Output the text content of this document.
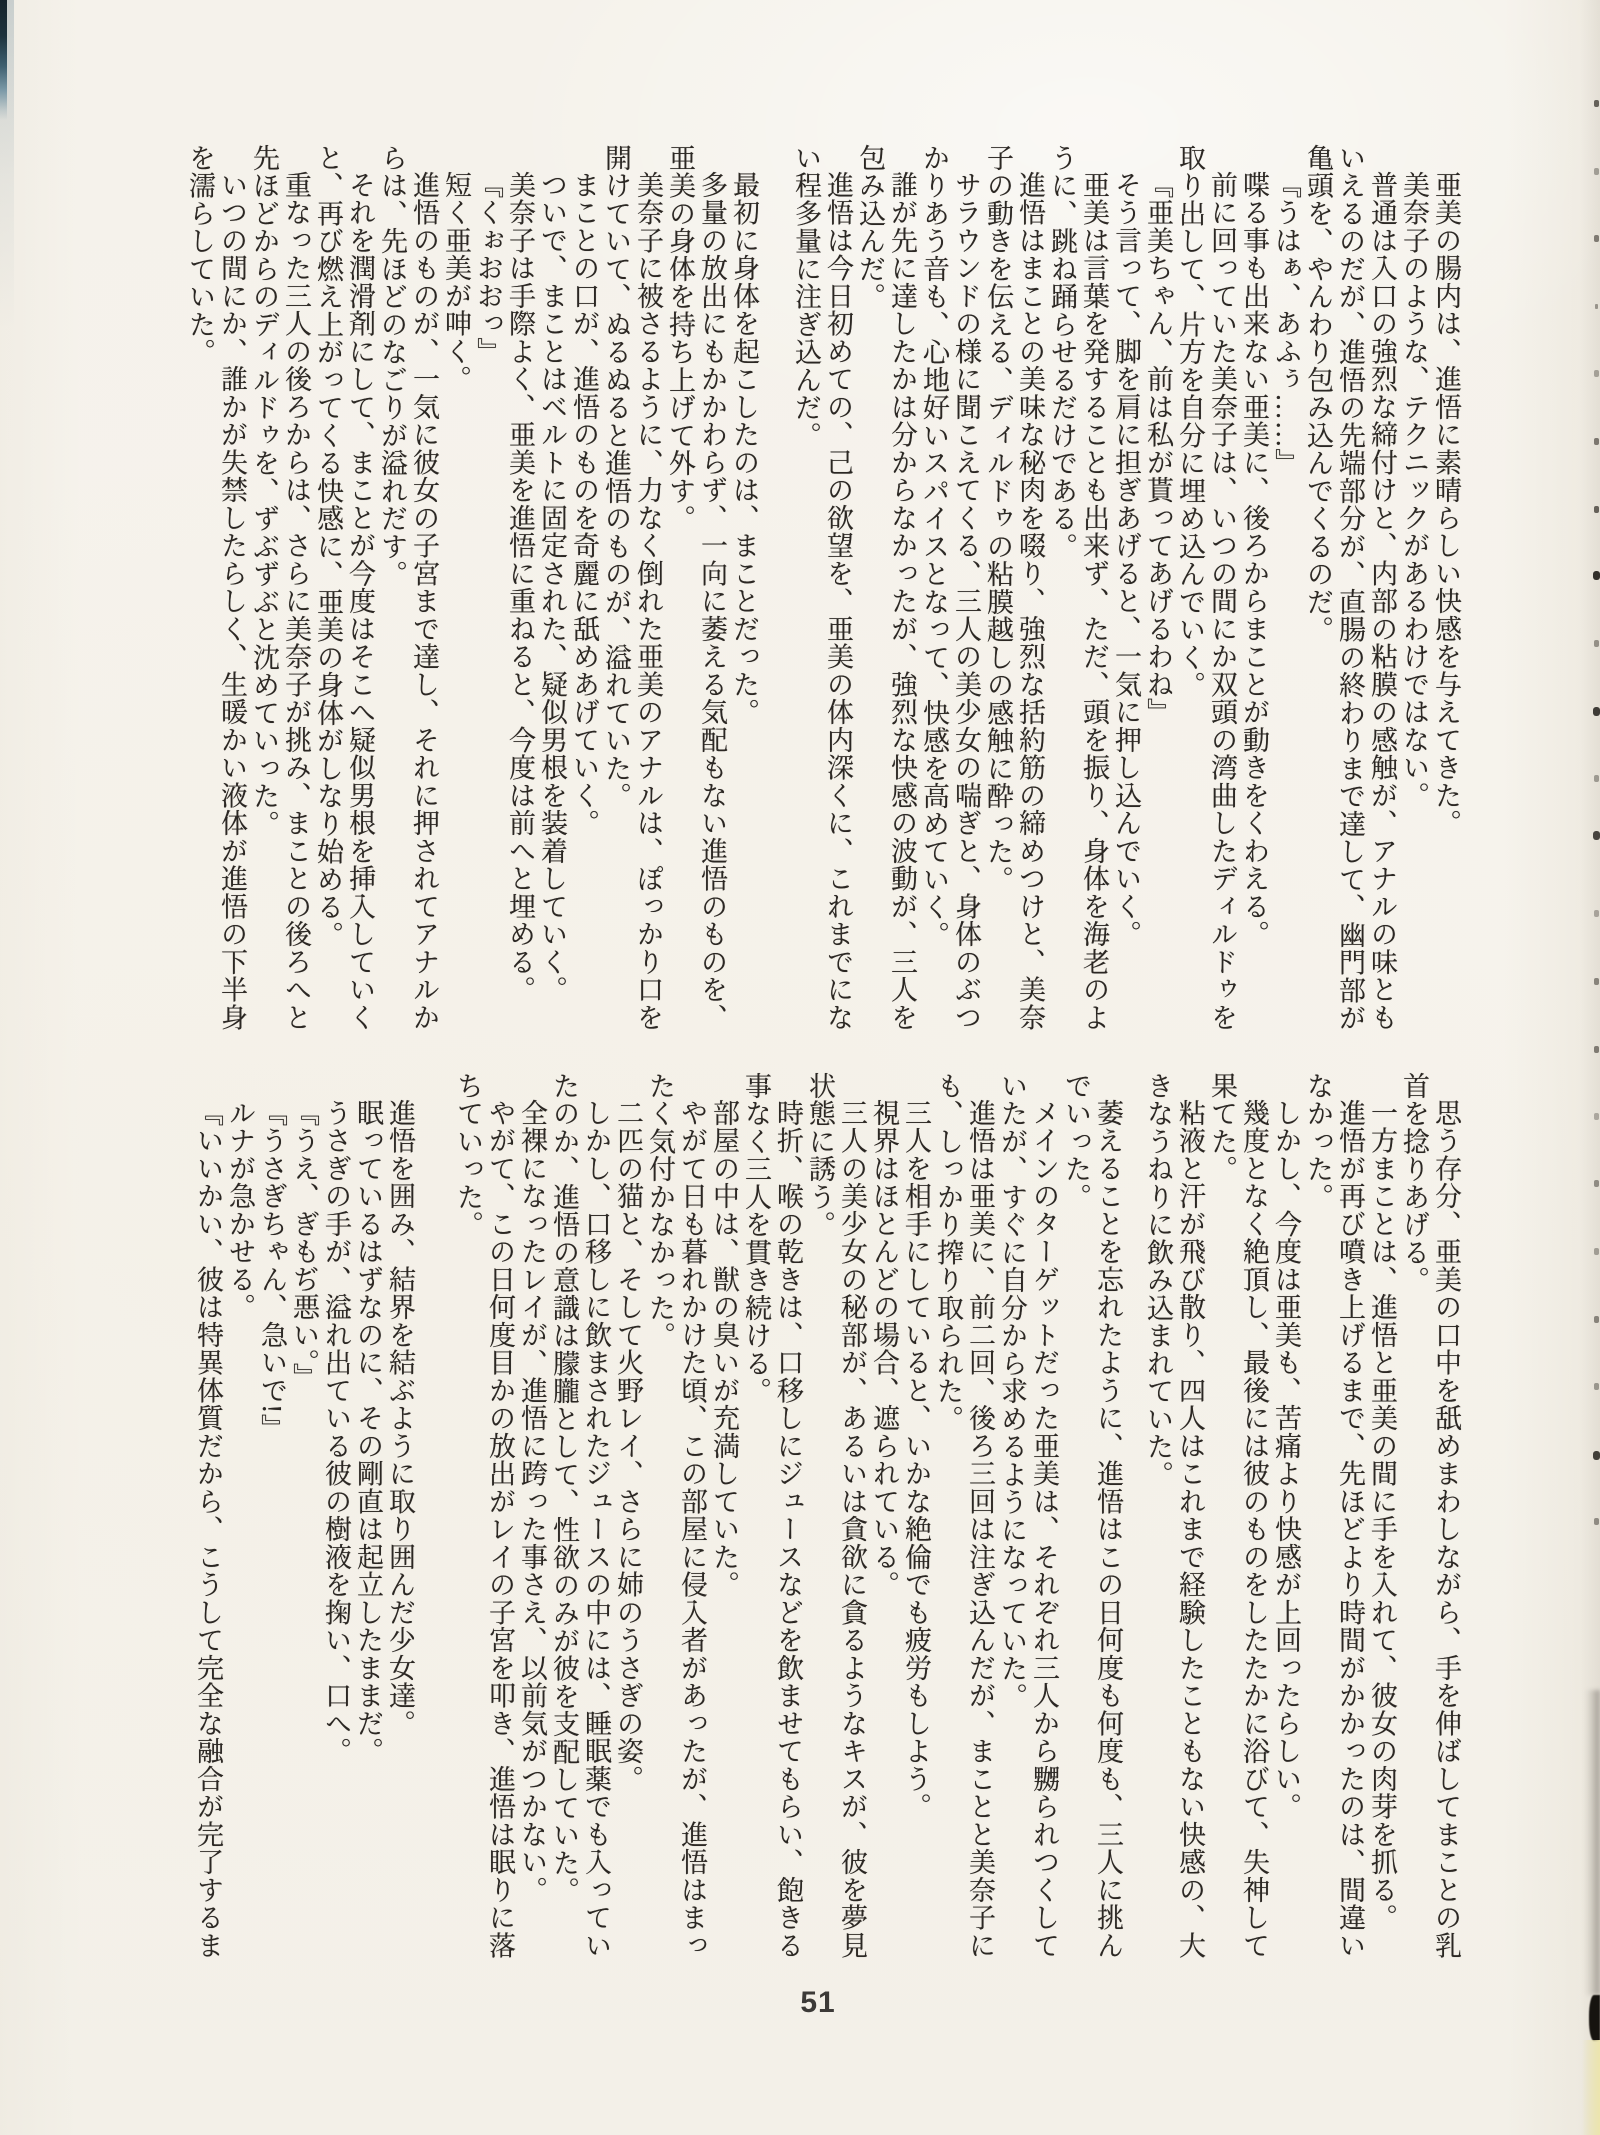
亜美の腸内は、進悟に素晴らしい快感を与えてきた。

美奈子のような、テクニックがあるわけではない。

普通は入口の強烈な締付けと、内部の粘膜の感触が、アナルの味ともいえるのだが、進悟の先端部分が、直腸の終わりまで達して、幽門部が亀頭を、やんわり包み込んでくるのだ。

『うはぁ、あふぅ……』

喋る事も出来ない亜美に、後ろからまことが動きをくわえる。

前に回っていた美奈子は、いつの間にか双頭の湾曲したディルドゥを取り出して、片方を自分に埋め込んでいく。

『亜美ちゃん、前は私が貰ってあげるわね』

そう言って、脚を肩に担ぎあげると、一気に押し込んでいく。

亜美は言葉を発することも出来ず、ただ、頭を振り、身体を海老のように、跳ね踊らせるだけである。

進悟はまことの美味な秘肉を啜り、強烈な括約筋の締めつけと、美奈子の動きを伝える、ディルドゥの粘膜越しの感触に酔った。

サラウンドの様に聞こえてくる、三人の美少女の喘ぎと、身体のぶつかりあう音も、心地好いスパイスとなって、快感を高めていく。

誰が先に達したかは分からなかったが、強烈な快感の波動が、三人を包み込んだ。

進悟は今日初めての、己の欲望を、亜美の体内深くに、これまでにない程多量に注ぎ込んだ。

最初に身体を起こしたのは、まことだった。

多量の放出にもかかわらず、一向に萎える気配もない進悟のものを、亜美の身体を持ち上げて外す。

美奈子に被さるように、力なく倒れた亜美のアナルは、ぽっかり口を開けていて、ぬるぬると進悟のものが、溢れていた。

まことの口が、進悟のものを奇麗に舐めあげていく。

ついで、まことはベルトに固定された、疑似男根を装着していく。

美奈子は手際よく、亜美を進悟に重ねると、今度は前へと埋める。

『くぉおおっ』

短く亜美が呻く。

進悟のものが、一気に彼女の子宮まで達し、それに押されてアナルからは、先ほどのなごりが溢れだす。

それを潤滑剤にして、まことが今度はそこへ疑似男根を挿入していくと、再び燃え上がってくる快感に、亜美の身体がしなり始める。

重なった三人の後ろからは、さらに美奈子が挑み、まことの後ろへと先ほどからのディルドゥを、ずぶずぶと沈めていった。

いつの間にか、誰かが失禁したらしく、生暖かい液体が進悟の下半身を濡らしていた。

思う存分、亜美の口中を舐めまわしながら、手を伸ばしてまことの乳首を捻りあげる。

一方まことは、進悟と亜美の間に手を入れて、彼女の肉芽を抓る。

進悟が再び噴き上げるまで、先ほどより時間がかかったのは、間違いなかった。

しかし、今度は亜美も、苦痛より快感が上回ったらしい。

幾度となく絶頂し、最後には彼のものをしたたかに浴びて、失神して果てた。

粘液と汗が飛び散り、四人はこれまで経験したこともない快感の、大きなうねりに飲み込まれていた。

萎えることを忘れたように、進悟はこの日何度も何度も、三人に挑んでいった。

メインのターゲットだった亜美は、それぞれ三人から嬲られつくしていたが、すぐに自分から求めるようになっていた。

進悟は亜美に、前二回、後ろ三回は注ぎ込んだが、まことと美奈子にも、しっかり搾り取られた。

三人を相手にしていると、いかな絶倫でも疲労もしよう。

視界はほとんどの場合、遮られている。

三人の美少女の秘部が、あるいは貪欲に貪るようなキスが、彼を夢見状態に誘う。

時折、喉の乾きは、口移しにジュースなどを飲ませてもらい、飽きる事なく三人を貫き続ける。

部屋の中は、獣の臭いが充満していた。

やがて日も暮れかけた頃、この部屋に侵入者があったが、進悟はまったく気付かなかった。

二匹の猫と、そして火野レイ、さらに姉のうさぎの姿。

しかし、口移しに飲まされたジュースの中には、睡眠薬でも入っていたのか、進悟の意識は朦朧として、性欲のみが彼を支配していた。

全裸になったレイが、進悟に跨った事さえ、以前気がつかない。

やがて、この日何度目かの放出がレイの子宮を叩き、進悟は眠りに落ちていった。

進悟を囲み、結界を結ぶように取り囲んだ少女達。

眠っているはずなのに、その剛直は起立したままだ。

うさぎの手が、溢れ出ている彼の樹液を掬い、口へ。

『うえ、ぎもぢ悪い。』

『うさぎちゃん、急いで!』

ルナが急かせる。

『いいかい、彼は特異体質だから、こうして完全な融合が完了するま

51
